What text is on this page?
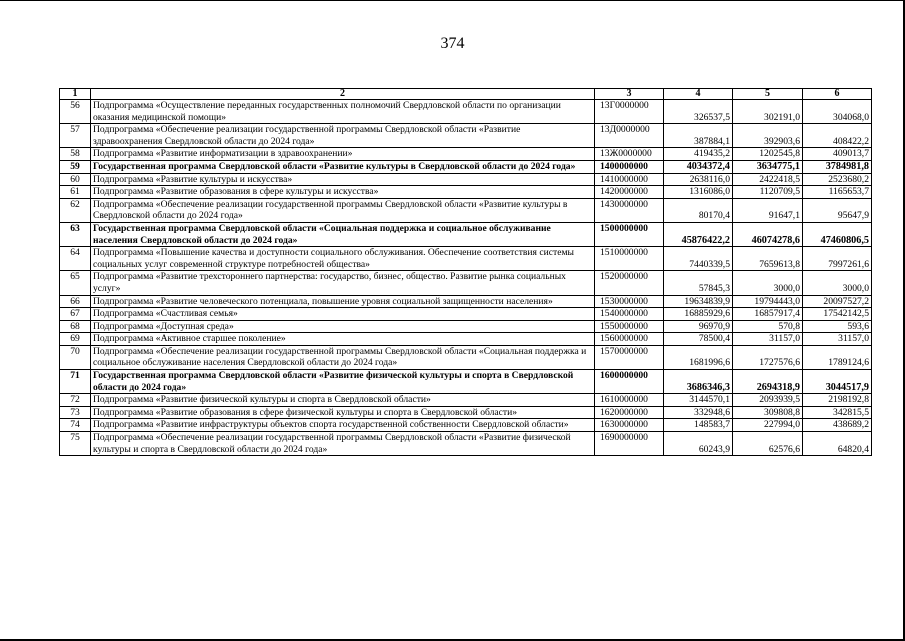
374
1	2	3	4	5	6
56	Подпрограмма «Осуществление переданных государственных полномочий Свердловской области по организации оказания медицинской помощи»	13Г0000000	326537,5	302191,0	304068,0
57	Подпрограмма «Обеспечение реализации государственной программы Свердловской области «Развитие здравоохранения Свердловской области до 2024 года»	13Д0000000	387884,1	392903,6	408422,2
58	Подпрограмма «Развитие информатизации в здравоохранении»	13Ж0000000	419435,2	1202545,8	409013,7
59	Государственная программа Свердловской области «Развитие культуры в Свердловской области до 2024 года»	1400000000	4034372,4	3634775,1	3784981,8
60	Подпрограмма «Развитие культуры и искусства»	1410000000	2638116,0	2422418,5	2523680,2
61	Подпрограмма «Развитие образования в сфере культуры и искусства»	1420000000	1316086,0	1120709,5	1165653,7
62	Подпрограмма «Обеспечение реализации государственной программы Свердловской области «Развитие культуры в Свердловской области до 2024 года»	1430000000	80170,4	91647,1	95647,9
63	Государственная программа Свердловской области «Социальная поддержка и социальное обслуживание населения Свердловской области до 2024 года»	1500000000	45876422,2	46074278,6	47460806,5
64	Подпрограмма «Повышение качества и доступности социального обслуживания. Обеспечение соответствия системы социальных услуг современной структуре потребностей общества»	1510000000	7440339,5	7659613,8	7997261,6
65	Подпрограмма «Развитие трехстороннего партнерства: государство, бизнес, общество. Развитие рынка социальных услуг»	1520000000	57845,3	3000,0	3000,0
66	Подпрограмма «Развитие человеческого потенциала, повышение уровня социальной защищенности населения»	1530000000	19634839,9	19794443,0	20097527,2
67	Подпрограмма «Счастливая семья»	1540000000	16885929,6	16857917,4	17542142,5
68	Подпрограмма «Доступная среда»	1550000000	96970,9	570,8	593,6
69	Подпрограмма «Активное старшее поколение»	1560000000	78500,4	31157,0	31157,0
70	Подпрограмма «Обеспечение реализации государственной программы Свердловской области «Социальная поддержка и социальное обслуживание населения Свердловской области до 2024 года»	1570000000	1681996,6	1727576,6	1789124,6
71	Государственная программа Свердловской области «Развитие физической культуры и спорта в Свердловской области до 2024 года»	1600000000	3686346,3	2694318,9	3044517,9
72	Подпрограмма «Развитие физической культуры и спорта в Свердловской области»	1610000000	3144570,1	2093939,5	2198192,8
73	Подпрограмма «Развитие образования в сфере физической культуры и спорта в Свердловской области»	1620000000	332948,6	309808,8	342815,5
74	Подпрограмма «Развитие инфраструктуры объектов спорта государственной собственности Свердловской области»	1630000000	148583,7	227994,0	438689,2
75	Подпрограмма «Обеспечение реализации государственной программы Свердловской области «Развитие физической культуры и спорта в Свердловской области до 2024 года»	1690000000	60243,9	62576,6	64820,4
